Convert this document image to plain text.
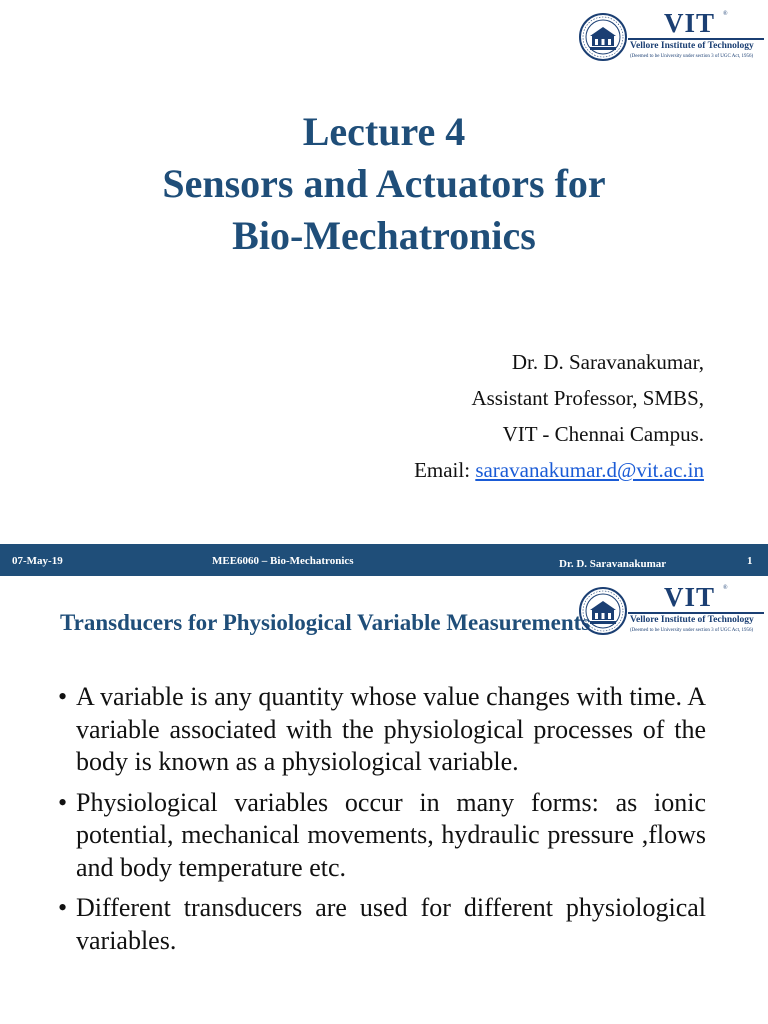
VIT ®
Vellore Institute of Technology
(Deemed to be University under section 3 of UGC Act, 1956)
Lecture 4
Sensors and Actuators for
Bio-Mechatronics
Dr. D. Saravanakumar,
Assistant Professor, SMBS,
VIT - Chennai Campus.
Email: saravanakumar.d@vit.ac.in
07-May-19	MEE6060 – Bio-Mechatronics	Dr. D. Saravanakumar	1
Transducers for Physiological Variable Measurements
VIT ®
Vellore Institute of Technology
(Deemed to be University under section 3 of UGC Act, 1956)
• A variable is any quantity whose value changes with time. A variable associated with the physiological processes of the body is known as a physiological variable.
• Physiological variables occur in many forms: as ionic potential, mechanical movements, hydraulic pressure ,flows and body temperature etc.
• Different transducers are used for different physiological variables.
